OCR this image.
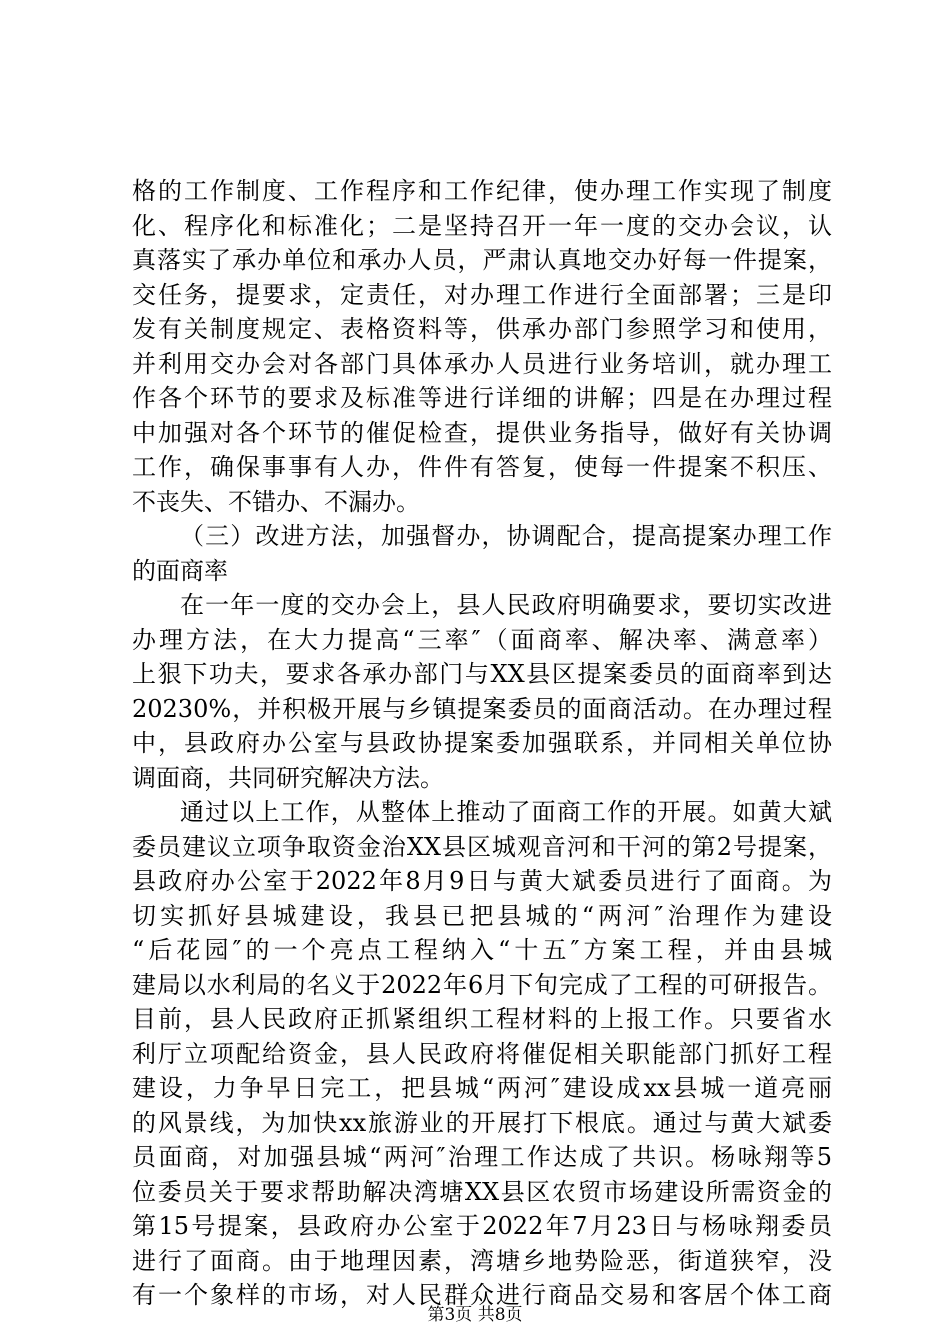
格的工作制度、工作程序和工作纪律，使办理工作实现了制度
化、程序化和标准化；二是坚持召开一年一度的交办会议，认
真落实了承办单位和承办人员，严肃认真地交办好每一件提案，
交任务，提要求，定责任，对办理工作进行全面部署；三是印
发有关制度规定、表格资料等，供承办部门参照学习和使用，
并利用交办会对各部门具体承办人员进行业务培训，就办理工
作各个环节的要求及标准等进行详细的讲解；四是在办理过程
中加强对各个环节的催促检查，提供业务指导，做好有关协调
工作，确保事事有人办，件件有答复，使每一件提案不积压、
不丧失、不错办、不漏办。
（三）改进方法，加强督办，协调配合，提高提案办理工作
的面商率
在一年一度的交办会上，县人民政府明确要求，要切实改进
办理方法，在大力提高“三率″（面商率、解决率、满意率）
上狠下功夫，要求各承办部门与XX县区提案委员的面商率到达
20230%，并积极开展与乡镇提案委员的面商活动。在办理过程
中，县政府办公室与县政协提案委加强联系，并同相关单位协
调面商，共同研究解决方法。
通过以上工作，从整体上推动了面商工作的开展。如黄大斌
委员建议立项争取资金治XX县区城观音河和干河的第2号提案，
县政府办公室于2022年8月9日与黄大斌委员进行了面商。为
切实抓好县城建设，我县已把县城的“两河″治理作为建设
“后花园″的一个亮点工程纳入“十五″方案工程，并由县城
建局以水利局的名义于2022年6月下旬完成了工程的可研报告。
目前，县人民政府正抓紧组织工程材料的上报工作。只要省水
利厅立项配给资金，县人民政府将催促相关职能部门抓好工程
建设，力争早日完工，把县城“两河″建设成xx县城一道亮丽
的风景线，为加快xx旅游业的开展打下根底。通过与黄大斌委
员面商，对加强县城“两河″治理工作达成了共识。杨咏翔等5
位委员关于要求帮助解决湾塘XX县区农贸市场建设所需资金的
第15号提案，县政府办公室于2022年7月23日与杨咏翔委员
进行了面商。由于地理因素，湾塘乡地势险恶，街道狭窄，没
有一个象样的市场，对人民群众进行商品交易和客居个体工商
第3页 共8页
